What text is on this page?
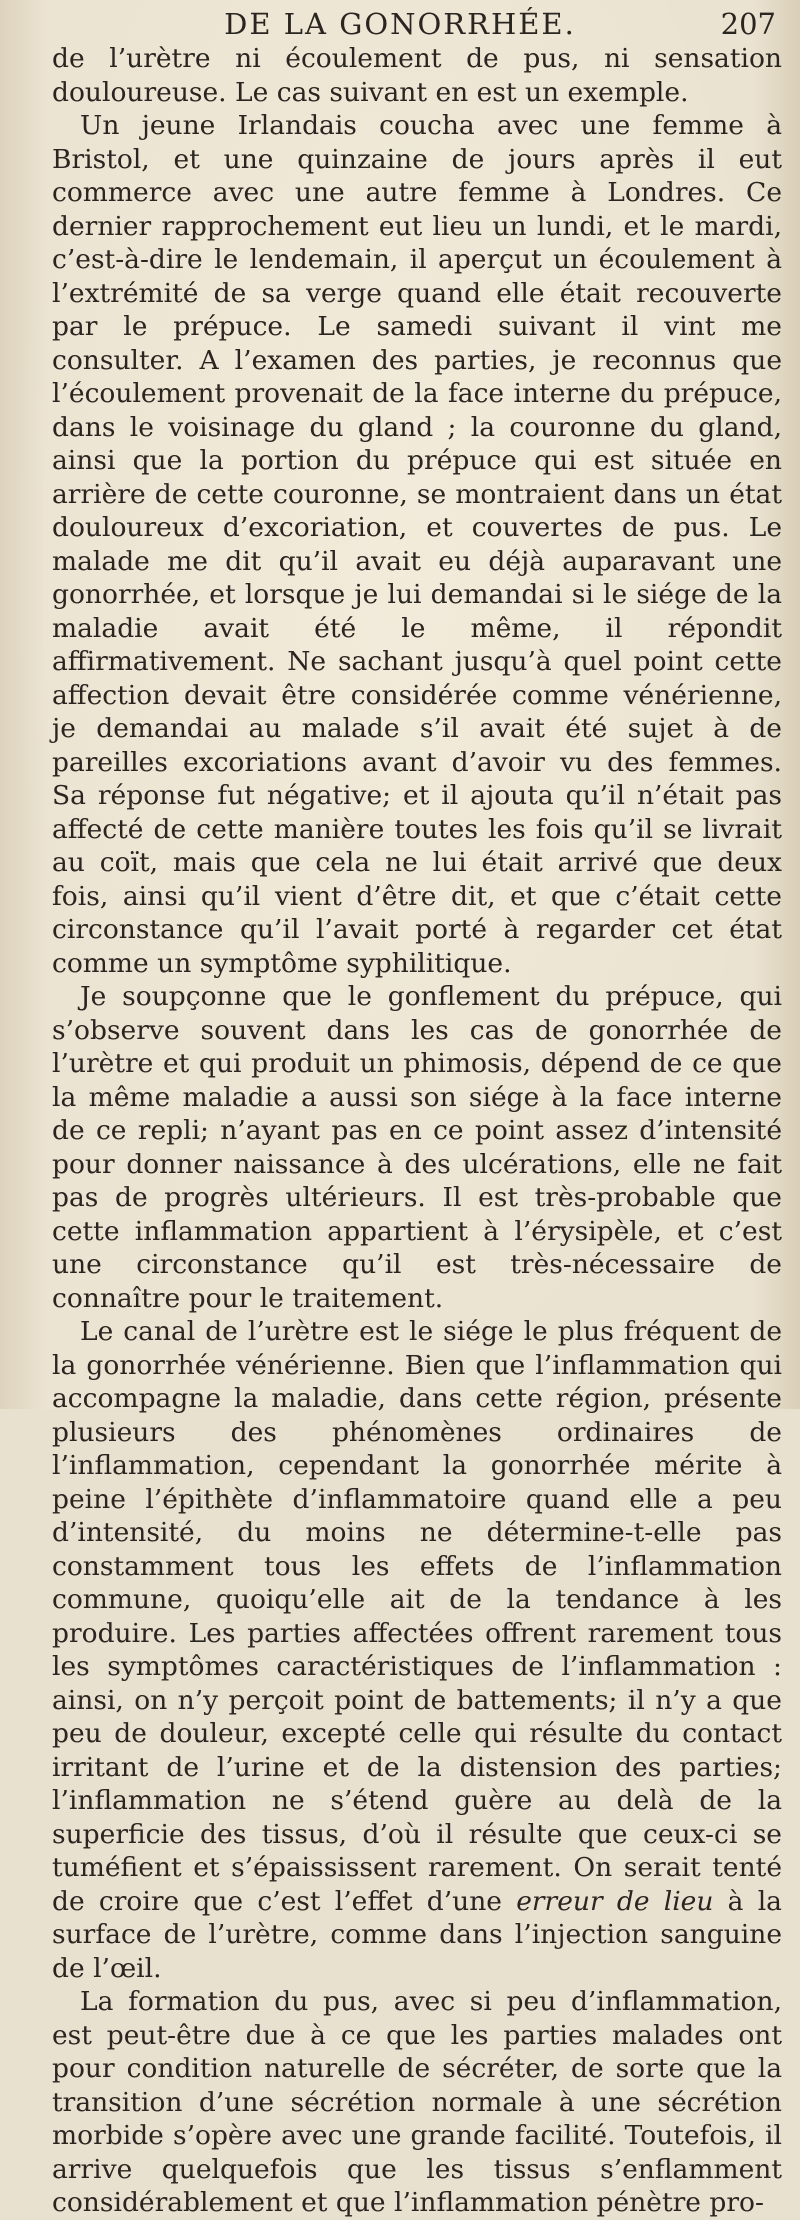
DE LA GONORRHÉE.	207

de l’urètre ni écoulement de pus, ni sensation douloureuse. Le cas suivant en est un exemple.

Un jeune Irlandais coucha avec une femme à Bristol, et une quinzaine de jours après il eut commerce avec une autre femme à Londres. Ce dernier rapprochement eut lieu un lundi, et le mardi, c’est-à-dire le lendemain, il aperçut un écoulement à l’extrémité de sa verge quand elle était recouverte par le prépuce. Le samedi suivant il vint me consulter. A l’examen des parties, je reconnus que l’écoulement provenait de la face interne du prépuce, dans le voisinage du gland ; la couronne du gland, ainsi que la portion du prépuce qui est située en arrière de cette couronne, se montraient dans un état douloureux d’excoriation, et couvertes de pus. Le malade me dit qu’il avait eu déjà auparavant une gonorrhée, et lorsque je lui demandai si le siége de la maladie avait été le même, il répondit affirmativement. Ne sachant jusqu’à quel point cette affection devait être considérée comme vénérienne, je demandai au malade s’il avait été sujet à de pareilles excoriations avant d’avoir vu des femmes. Sa réponse fut négative; et il ajouta qu’il n’était pas affecté de cette manière toutes les fois qu’il se livrait au coït, mais que cela ne lui était arrivé que deux fois, ainsi qu’il vient d’être dit, et que c’était cette circonstance qu’il l’avait porté à regarder cet état comme un symptôme syphilitique.

Je soupçonne que le gonflement du prépuce, qui s’observe souvent dans les cas de gonorrhée de l’urètre et qui produit un phimosis, dépend de ce que la même maladie a aussi son siége à la face interne de ce repli; n’ayant pas en ce point assez d’intensité pour donner naissance à des ulcérations, elle ne fait pas de progrès ultérieurs. Il est très-probable que cette inflammation appartient à l’érysipèle, et c’est une circonstance qu’il est très-nécessaire de connaître pour le traitement.

Le canal de l’urètre est le siége le plus fréquent de la gonorrhée vénérienne. Bien que l’inflammation qui accompagne la maladie, dans cette région, présente plusieurs des phénomènes ordinaires de l’inflammation, cependant la gonorrhée mérite à peine l’épithète d’inflammatoire quand elle a peu d’intensité, du moins ne détermine-t-elle pas constamment tous les effets de l’inflammation commune, quoiqu’elle ait de la tendance à les produire. Les parties affectées offrent rarement tous les symptômes caractéristiques de l’inflammation : ainsi, on n’y perçoit point de battements; il n’y a que peu de douleur, excepté celle qui résulte du contact irritant de l’urine et de la distension des parties; l’inflammation ne s’étend guère au delà de la superficie des tissus, d’où il résulte que ceux-ci se tuméfient et s’épaississent rarement. On serait tenté de croire que c’est l’effet d’une erreur de lieu à la surface de l’urètre, comme dans l’injection sanguine de l’œil.

La formation du pus, avec si peu d’inflammation, est peut-être due à ce que les parties malades ont pour condition naturelle de sécréter, de sorte que la transition d’une sécrétion normale à une sécrétion morbide s’opère avec une grande facilité. Toutefois, il arrive quelquefois que les tissus s’enflamment considérablement et que l’inflammation pénètre pro-
